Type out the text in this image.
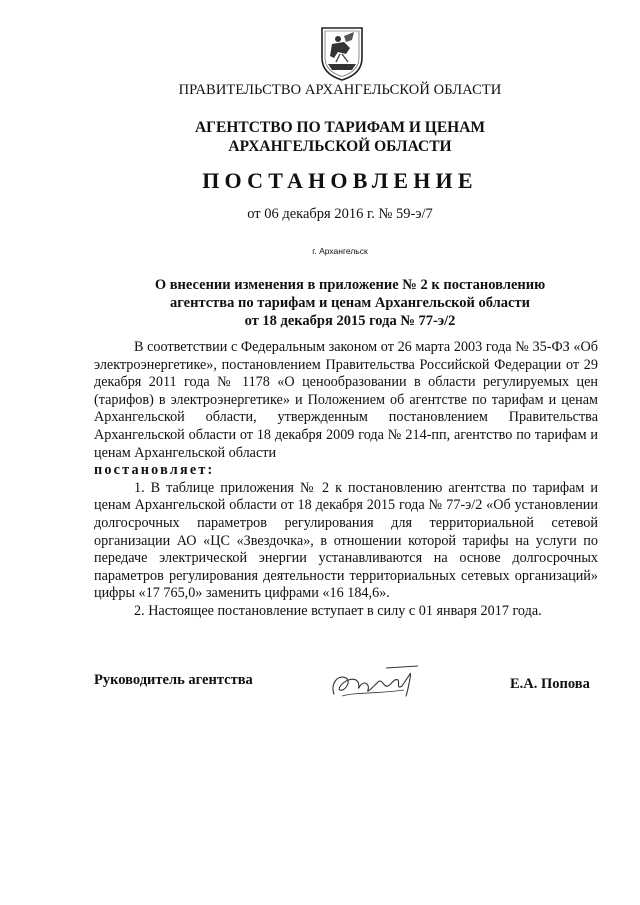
ПРАВИТЕЛЬСТВО АРХАНГЕЛЬСКОЙ ОБЛАСТИ
АГЕНТСТВО ПО ТАРИФАМ И ЦЕНАМ
АРХАНГЕЛЬСКОЙ ОБЛАСТИ
ПОСТАНОВЛЕНИЕ
от 06 декабря 2016 г. № 59-э/7
г. Архангельск
О внесении изменения в приложение № 2 к постановлению
агентства по тарифам и ценам Архангельской области
от 18 декабря 2015 года № 77-э/2

В соответствии с Федеральным законом от 26 марта 2003 года № 35-ФЗ «Об электроэнергетике», постановлением Правительства Российской Федерации от 29 декабря 2011 года № 1178 «О ценообразовании в области регулируемых цен (тарифов) в электроэнергетике» и Положением об агентстве по тарифам и ценам Архангельской области, утвержденным постановлением Правительства Архангельской области от 18 декабря 2009 года № 214-пп, агентство по тарифам и ценам Архангельской области

постановляет:

1. В таблице приложения № 2 к постановлению агентства по тарифам и ценам Архангельской области от 18 декабря 2015 года № 77-э/2 «Об установлении долгосрочных параметров регулирования для территориальной сетевой организации АО «ЦС «Звездочка», в отношении которой тарифы на услуги по передаче электрической энергии устанавливаются на основе долгосрочных параметров регулирования деятельности территориальных сетевых организаций» цифры «17 765,0» заменить цифрами «16 184,6».

2. Настоящее постановление вступает в силу с 01 января 2017 года.

Руководитель агентства	Е.А. Попова
